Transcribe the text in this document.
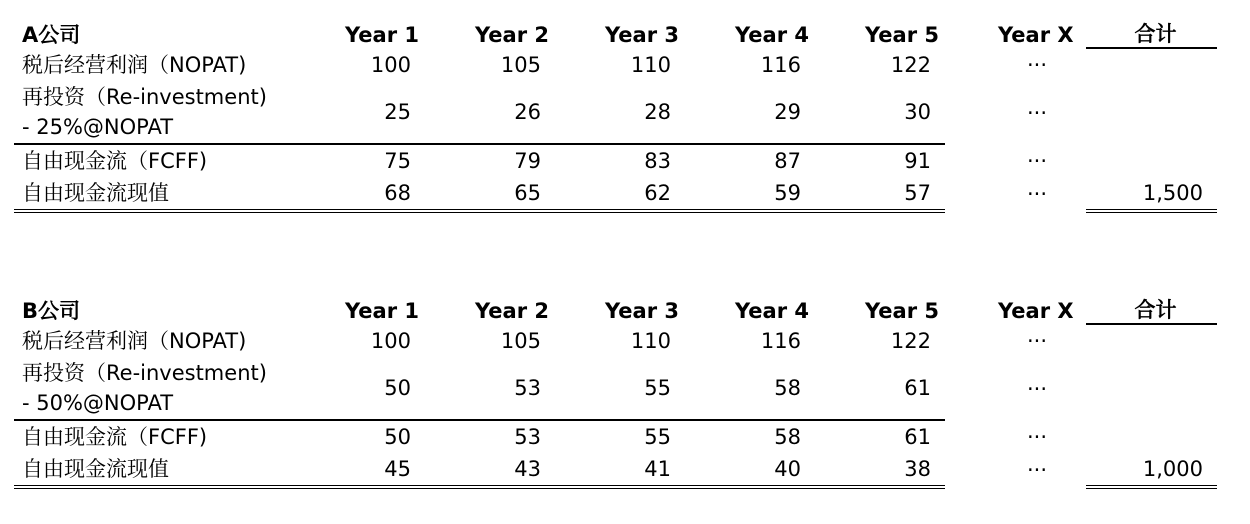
A公司	Year 1	Year 2	Year 3	Year 4	Year 5		Year X		合计
税后经营利润（NOPAT)	100	105	110	116	122		···		

再投资（Re-investment)
- 25%@NOPAT	25	26	28	29	30		···		
自由现金流（FCFF)	75	79	83	87	91		···		
自由现金流现值	68	65	62	59	57		···		1,500
B公司	Year 1	Year 2	Year 3	Year 4	Year 5		Year X		合计
税后经营利润（NOPAT)	100	105	110	116	122		···		

再投资（Re-investment)
- 50%@NOPAT	50	53	55	58	61		···		
自由现金流（FCFF)	50	53	55	58	61		···		
自由现金流现值	45	43	41	40	38		···		1,000
